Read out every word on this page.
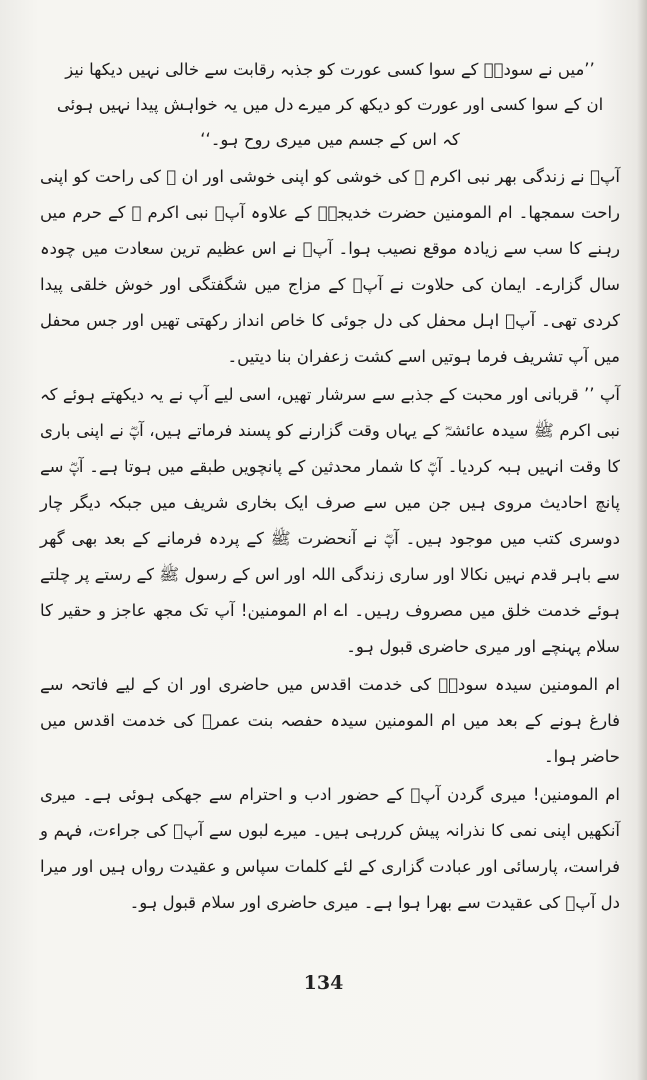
’’میں نے سودہؓ کے سوا کسی عورت کو جذبہ رقابت سے خالی نہیں دیکھا نیز
ان کے سوا کسی اور عورت کو دیکھ کر میرے دل میں یہ خواہش پیدا نہیں ہوئی
کہ اس کے جسم میں میری روح ہو۔‘‘

آپؓ نے زندگی بھر نبی اکرم ﷺ کی خوشی کو اپنی خوشی اور ان ﷺ کی راحت کو اپنی راحت سمجھا۔ ام المومنین حضرت خدیجہؓ کے علاوہ آپؓ نبی اکرم ﷺ کے حرم میں رہنے کا سب سے زیادہ موقع نصیب ہوا۔ آپؓ نے اس عظیم ترین سعادت میں چودہ سال گزارے۔ ایمان کی حلاوت نے آپؓ کے مزاج میں شگفتگی اور خوش خلقی پیدا کردی تھی۔ آپؓ اہل محفل کی دل جوئی کا خاص انداز رکھتی تھیں اور جس محفل میں آپ تشریف فرما ہوتیں اسے کشت زعفران بنا دیتیں۔

آپ ’’ قربانی اور محبت کے جذبے سے سرشار تھیں، اسی لیے آپ نے یہ دیکھتے ہوئے کہ نبی اکرم ﷺ سیدہ عائشہؓ کے یہاں وقت گزارنے کو پسند فرماتے ہیں، آپؓ نے اپنی باری کا وقت انہیں ہبہ کردیا۔ آپؓ کا شمار محدثین کے پانچویں طبقے میں ہوتا ہے۔ آپؓ سے پانچ احادیث مروی ہیں جن میں سے صرف ایک بخاری شریف میں جبکہ دیگر چار دوسری کتب میں موجود ہیں۔ آپؓ نے آنحضرت ﷺ کے پردہ فرمانے کے بعد بھی گھر سے باہر قدم نہیں نکالا اور ساری زندگی اللہ اور اس کے رسول ﷺ کے رستے پر چلتے ہوئے خدمت خلق میں مصروف رہیں۔ اے ام المومنین! آپ تک مجھ عاجز و حقیر کا سلام پہنچے اور میری حاضری قبول ہو۔

ام المومنین سیدہ سودہؓ کی خدمت اقدس میں حاضری اور ان کے لیے فاتحہ سے فارغ ہونے کے بعد میں ام المومنین سیدہ حفصہ بنت عمرؓ کی خدمت اقدس میں حاضر ہوا۔

ام المومنین! میری گردن آپؓ کے حضور ادب و احترام سے جھکی ہوئی ہے۔ میری آنکھیں اپنی نمی کا نذرانہ پیش کررہی ہیں۔ میرے لبوں سے آپؓ کی جراءت، فہم و فراست، پارسائی اور عبادت گزاری کے لئے کلمات سپاس و عقیدت رواں ہیں اور میرا دل آپؓ کی عقیدت سے بھرا ہوا ہے۔ میری حاضری اور سلام قبول ہو۔

134
